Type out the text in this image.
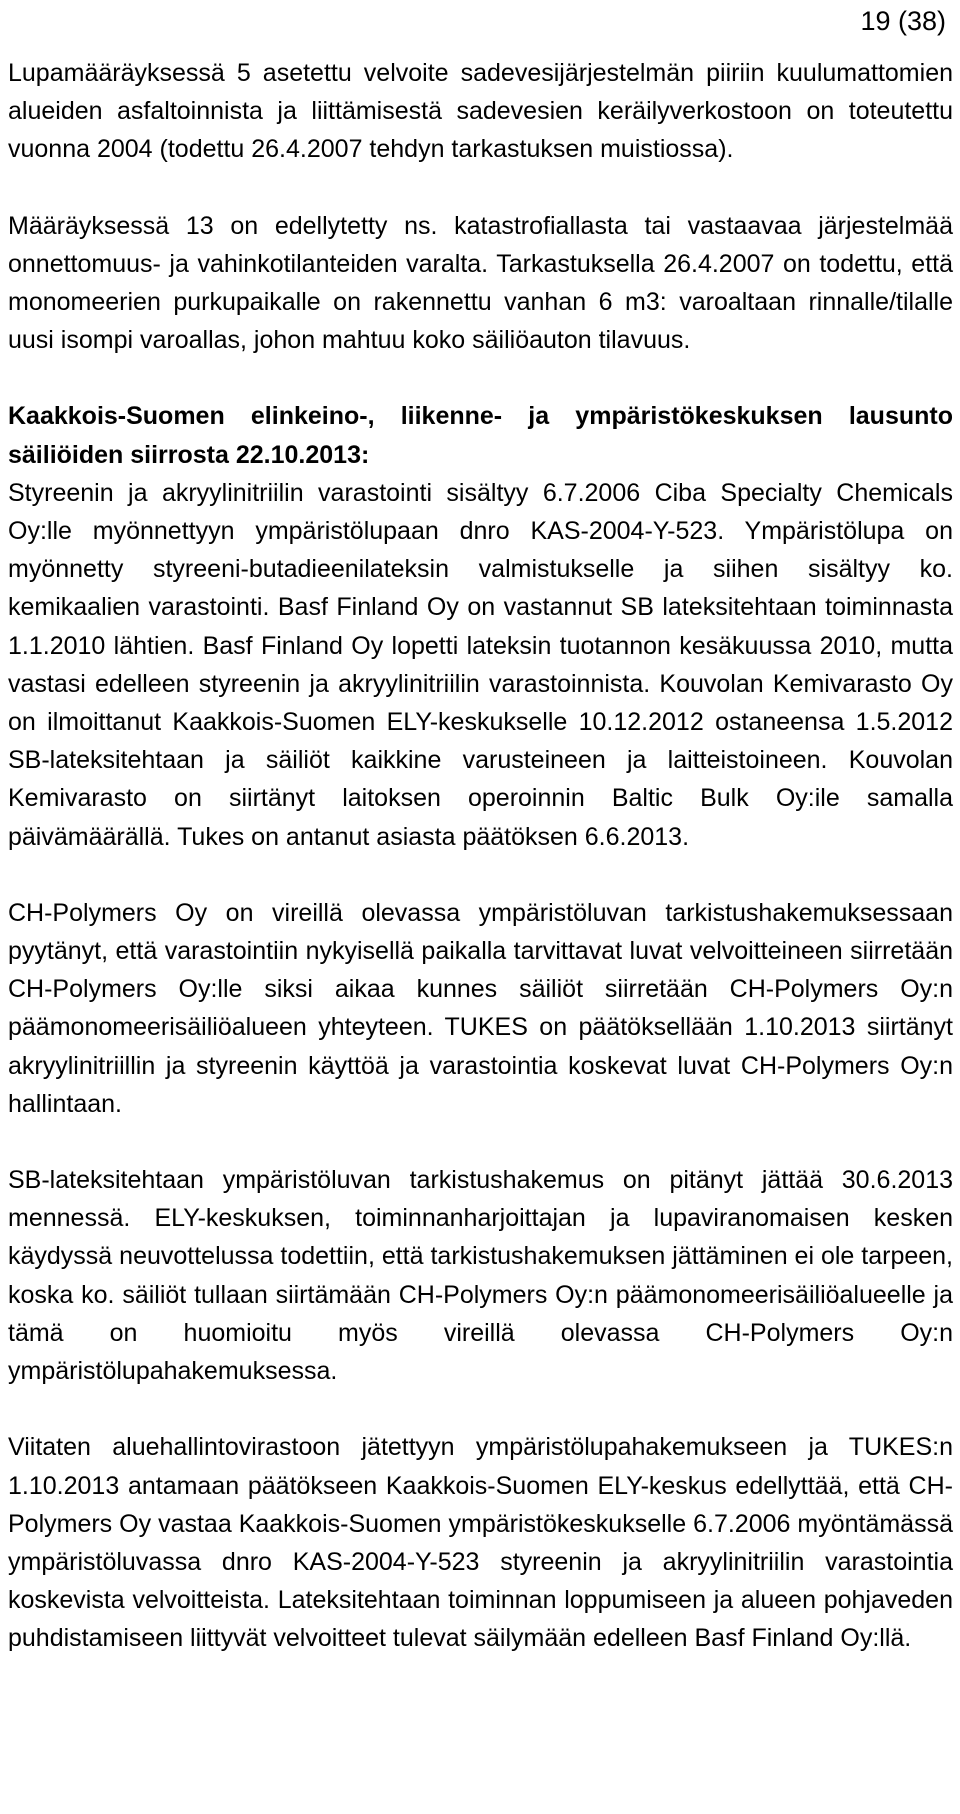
19 (38)

Lupamääräyksessä 5 asetettu velvoite sadevesijärjestelmän piiriin kuulumattomien alueiden asfaltoinnista ja liittämisestä sadevesien keräilyverkostoon on toteutettu vuonna 2004 (todettu 26.4.2007 tehdyn tarkastuksen muistiossa).

Määräyksessä 13 on edellytetty ns. katastrofiallasta tai vastaavaa järjestelmää onnettomuus- ja vahinkotilanteiden varalta. Tarkastuksella 26.4.2007 on todettu, että monomeerien purkupaikalle on rakennettu vanhan 6 m3: varoaltaan rinnalle/tilalle uusi isompi varoallas, johon mahtuu koko säiliöauton tilavuus.

Kaakkois-Suomen elinkeino-, liikenne- ja ympäristökeskuksen lausunto säiliöiden siirrosta 22.10.2013:

Styreenin ja akryylinitriilin varastointi sisältyy 6.7.2006 Ciba Specialty Chemicals Oy:lle myönnettyyn ympäristölupaan dnro KAS-2004-Y-523. Ympäristölupa on myönnetty styreeni-butadieenilateksin valmistukselle ja siihen sisältyy ko. kemikaalien varastointi. Basf Finland Oy on vastannut SB lateksitehtaan toiminnasta 1.1.2010 lähtien. Basf Finland Oy lopetti lateksin tuotannon kesäkuussa 2010, mutta vastasi edelleen styreenin ja akryylinitriilin varastoinnista. Kouvolan Kemivarasto Oy on ilmoittanut Kaakkois-Suomen ELY-keskukselle 10.12.2012 ostaneensa 1.5.2012 SB-lateksitehtaan ja säiliöt kaikkine varusteineen ja laitteistoineen. Kouvolan Kemivarasto on siirtänyt laitoksen operoinnin Baltic Bulk Oy:ile samalla päivämäärällä. Tukes on antanut asiasta päätöksen 6.6.2013.

CH-Polymers Oy on vireillä olevassa ympäristöluvan tarkistushakemuksessaan pyytänyt, että varastointiin nykyisellä paikalla tarvittavat luvat velvoitteineen siirretään CH-Polymers Oy:lle siksi aikaa kunnes säiliöt siirretään CH-Polymers Oy:n päämonomeerisäiliöalueen yhteyteen. TUKES on päätöksellään 1.10.2013 siirtänyt akryylinitriillin ja styreenin käyttöä ja varastointia koskevat luvat CH-Polymers Oy:n hallintaan.

SB-lateksitehtaan ympäristöluvan tarkistushakemus on pitänyt jättää 30.6.2013 mennessä. ELY-keskuksen, toiminnanharjoittajan ja lupaviranomaisen kesken käydyssä neuvottelussa todettiin, että tarkistushakemuksen jättäminen ei ole tarpeen, koska ko. säiliöt tullaan siirtämään CH-Polymers Oy:n päämonomeerisäiliöalueelle ja tämä on huomioitu myös vireillä olevassa CH-Polymers Oy:n ympäristölupahakemuksessa.

Viitaten aluehallintovirastoon jätettyyn ympäristölupahakemukseen ja TUKES:n 1.10.2013 antamaan päätökseen Kaakkois-Suomen ELY-keskus edellyttää, että CH-Polymers Oy vastaa Kaakkois-Suomen ympäristökeskukselle 6.7.2006 myöntämässä ympäristöluvassa dnro KAS-2004-Y-523 styreenin ja akryylinitriilin varastointia koskevista velvoitteista. Lateksitehtaan toiminnan loppumiseen ja alueen pohjaveden puhdistamiseen liittyvät velvoitteet tulevat säilymään edelleen Basf Finland Oy:llä.
